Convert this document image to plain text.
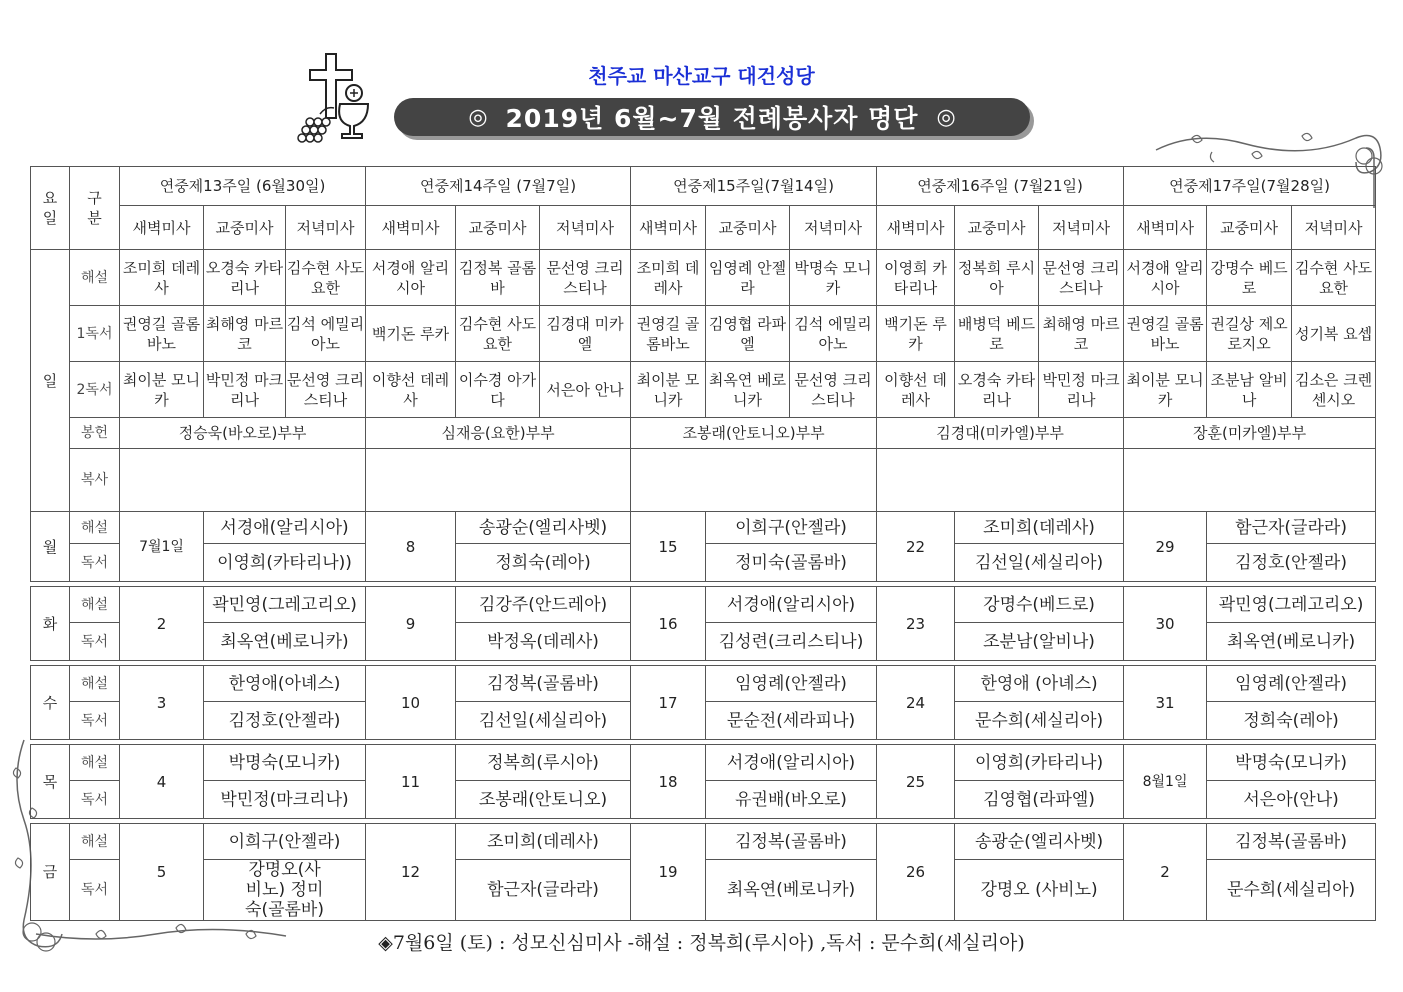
천주교 마산교구 대건성당
◎ 2019년 6월~7월 전례봉사자 명단 ◎
요일	구분	연중제13주일 (6월30일)			연중제14주일 (7월7일)			연중제15주일(7월14일)			연중제16주일 (7월21일)			연중제17주일(7월28일)		
		새벽미사	교중미사	저녁미사	새벽미사	교중미사	저녁미사	새벽미사	교중미사	저녁미사	새벽미사	교중미사	저녁미사	새벽미사	교중미사	저녁미사
일	해설	조미희 데레사	오경숙 카타리나	김수현 사도요한	서경애 알리시아	김정복 골롬바	문선영 크리스티나	조미희 데레사	임영례 안젤라	박명숙 모니카	이영희 카타리나	정복희 루시아	문선영 크리스티나	서경애 알리시아	강명수 베드로	김수현 사도요한
	1독서	권영길 골롬바노	최해영 마르코	김석 에밀리아노	백기돈 루카	김수현 사도요한	김경대 미카엘	권영길 골롬바노	김영협 라파엘	김석 에밀리아노	백기돈 루카	배병덕 베드로	최해영 마르코	권영길 골롬바노	권길상 제오로지오	성기복 요셉
	2독서	최이분 모니카	박민정 마크리나	문선영 크리스티나	이향선 데레사	이수경 아가다	서은아 안나	최이분 모니카	최옥연 베로니카	문선영 크리스티나	이향선 데레사	오경숙 카타리나	박민정 마크리나	최이분 모니카	조분남 알비나	김소은 크렌센시오
	봉헌	정승욱(바오로)부부			심재응(요한)부부			조봉래(안토니오)부부			김경대(미카엘)부부			장훈(미카엘)부부		
	복사															
월	해설	7월1일	서경애(알리시아)		8	송광순(엘리사벳)		15	이희구(안젤라)		22	조미희(데레사)		29	함근자(글라라)	
	독서		이영희(카타리나))			정희숙(레아)			정미숙(골롬바)			김선일(세실리아)			김정호(안젤라)	

화	해설	2	곽민영(그레고리오)		9	김강주(안드레아)		16	서경애(알리시아)		23	강명수(베드로)		30	곽민영(그레고리오)	
	독서		최옥연(베로니카)			박정옥(데레사)			김성련(크리스티나)			조분남(알비나)			최옥연(베로니카)	

수	해설	3	한영애(아녜스)		10	김정복(골롬바)		17	임영례(안젤라)		24	한영애 (아녜스)		31	임영례(안젤라)	
	독서		김정호(안젤라)			김선일(세실리아)			문순전(세라피나)			문수희(세실리아)			정희숙(레아)	

목	해설	4	박명숙(모니카)		11	정복희(루시아)		18	서경애(알리시아)		25	이영희(카타리나)		8월1일	박명숙(모니카)	
	독서		박민정(마크리나)			조봉래(안토니오)			유권배(바오로)			김영협(라파엘)			서은아(안나)	

금	해설	5	이희구(안젤라)		12	조미희(데레사)		19	김정복(골롬바)		26	송광순(엘리사벳)		2	김정복(골롬바)	
	독서		강명오(사비노) 정미숙(골롬바)			함근자(글라라)			최옥연(베로니카)			강명오 (사비노)			문수희(세실리아)	
◈7월6일 (토) : 성모신심미사 -해설 : 정복희(루시아) ,독서 : 문수희(세실리아)
